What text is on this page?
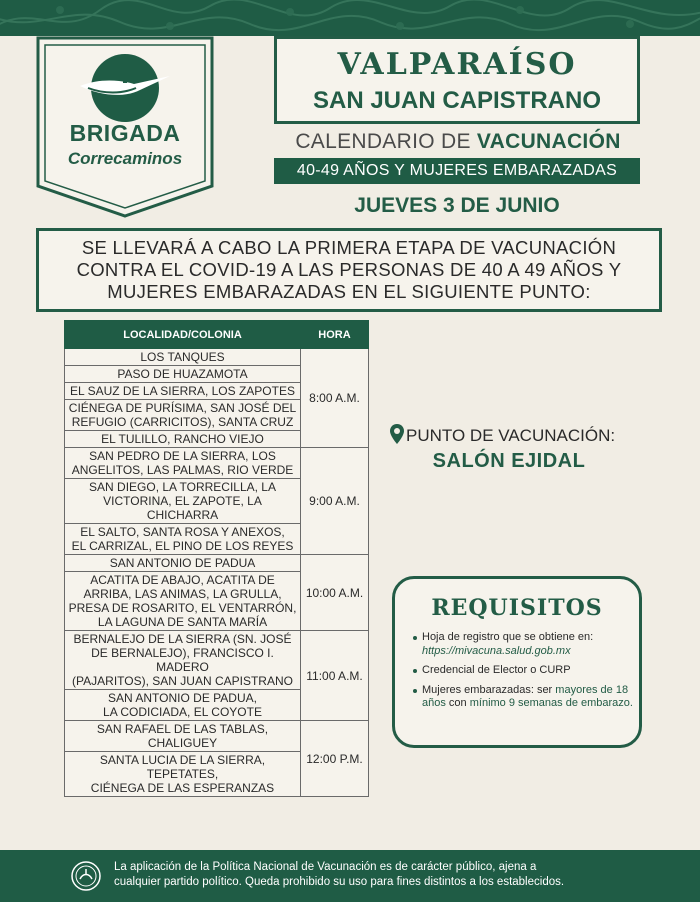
BRIGADA
Correcaminos
VALPARAÍSO
SAN JUAN CAPISTRANO
CALENDARIO DE VACUNACIÓN
40-49 AÑOS Y MUJERES EMBARAZADAS
JUEVES 3 DE JUNIO
SE LLEVARÁ A CABO LA PRIMERA ETAPA DE VACUNACIÓN
CONTRA EL COVID-19 A LAS PERSONAS DE 40 A 49 AÑOS Y
MUJERES EMBARAZADAS EN EL SIGUIENTE PUNTO:
LOCALIDAD/COLONIA	HORA

LOS TANQUES	8:00 A.M.

PASO DE HUAZAMOTA	

EL SAUZ DE LA SIERRA, LOS ZAPOTES	

CIÉNEGA DE PURÍSIMA, SAN JOSÉ DEL
REFUGIO (CARRICITOS), SANTA CRUZ	

EL TULILLO, RANCHO VIEJO	

SAN PEDRO DE LA SIERRA, LOS
ANGELITOS, LAS PALMAS, RIO VERDE	9:00 A.M.

SAN DIEGO, LA TORRECILLA, LA
VICTORINA, EL ZAPOTE, LA CHICHARRA	

EL SALTO, SANTA ROSA Y ANEXOS,
EL CARRIZAL, EL PINO DE LOS REYES	

SAN ANTONIO DE PADUA	10:00 A.M.

ACATITA DE ABAJO, ACATITA DE
ARRIBA, LAS ANIMAS, LA GRULLA,
PRESA DE ROSARITO, EL VENTARRÓN,
LA LAGUNA DE SANTA MARÍA	

BERNALEJO DE LA SIERRA (SN. JOSÉ
DE BERNALEJO), FRANCISCO I. MADERO
(PAJARITOS), SAN JUAN CAPISTRANO	11:00 A.M.

SAN ANTONIO DE PADUA,
LA CODICIADA, EL COYOTE	

SAN RAFAEL DE LAS TABLAS,
CHALIGUEY	12:00 P.M.

SANTA LUCIA DE LA SIERRA, TEPETATES,
CIÉNEGA DE LAS ESPERANZAS	
PUNTO DE VACUNACIÓN:
SALÓN EJIDAL
REQUISITOS
Hoja de registro que se obtiene en: https://mivacuna.salud.gob.mx
Credencial de Elector o CURP
Mujeres embarazadas: ser mayores de 18 años con mínimo 9 semanas de embarazo.
La aplicación de la Política Nacional de Vacunación es de carácter público, ajena a
cualquier partido político. Queda prohibido su uso para fines distintos a los establecidos.
